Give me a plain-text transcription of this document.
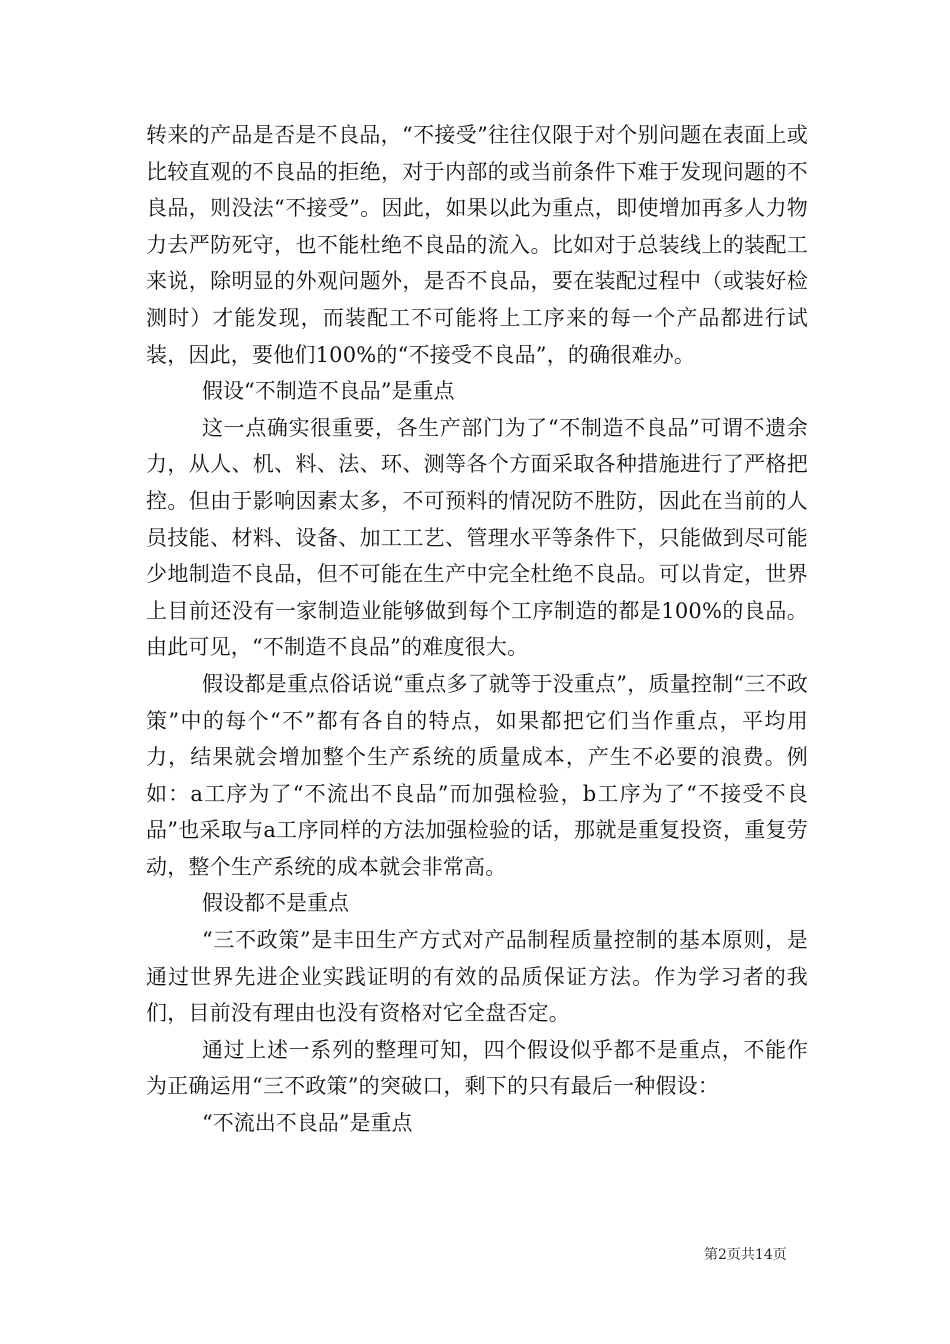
转来的产品是否是不良品，“不接受”往往仅限于对个别问题在表面上或比较直观的不良品的拒绝，对于内部的或当前条件下难于发现问题的不良品，则没法“不接受”。因此，如果以此为重点，即使增加再多人力物力去严防死守，也不能杜绝不良品的流入。比如对于总装线上的装配工来说，除明显的外观问题外，是否不良品，要在装配过程中（或装好检测时）才能发现，而装配工不可能将上工序来的每一个产品都进行试装，因此，要他们100%的“不接受不良品”，的确很难办。

假设“不制造不良品”是重点

这一点确实很重要，各生产部门为了“不制造不良品”可谓不遗余力，从人、机、料、法、环、测等各个方面采取各种措施进行了严格把控。但由于影响因素太多，不可预料的情况防不胜防，因此在当前的人员技能、材料、设备、加工工艺、管理水平等条件下，只能做到尽可能少地制造不良品，但不可能在生产中完全杜绝不良品。可以肯定，世界上目前还没有一家制造业能够做到每个工序制造的都是100%的良品。由此可见，“不制造不良品”的难度很大。

假设都是重点俗话说“重点多了就等于没重点”，质量控制“三不政策”中的每个“不”都有各自的特点，如果都把它们当作重点，平均用力，结果就会增加整个生产系统的质量成本，产生不必要的浪费。例如：a工序为了“不流出不良品”而加强检验，b工序为了“不接受不良品”也采取与a工序同样的方法加强检验的话，那就是重复投资，重复劳动，整个生产系统的成本就会非常高。

假设都不是重点

“三不政策”是丰田生产方式对产品制程质量控制的基本原则，是通过世界先进企业实践证明的有效的品质保证方法。作为学习者的我们，目前没有理由也没有资格对它全盘否定。

通过上述一系列的整理可知，四个假设似乎都不是重点，不能作为正确运用“三不政策”的突破口，剩下的只有最后一种假设：

“不流出不良品”是重点

第2页共14页
